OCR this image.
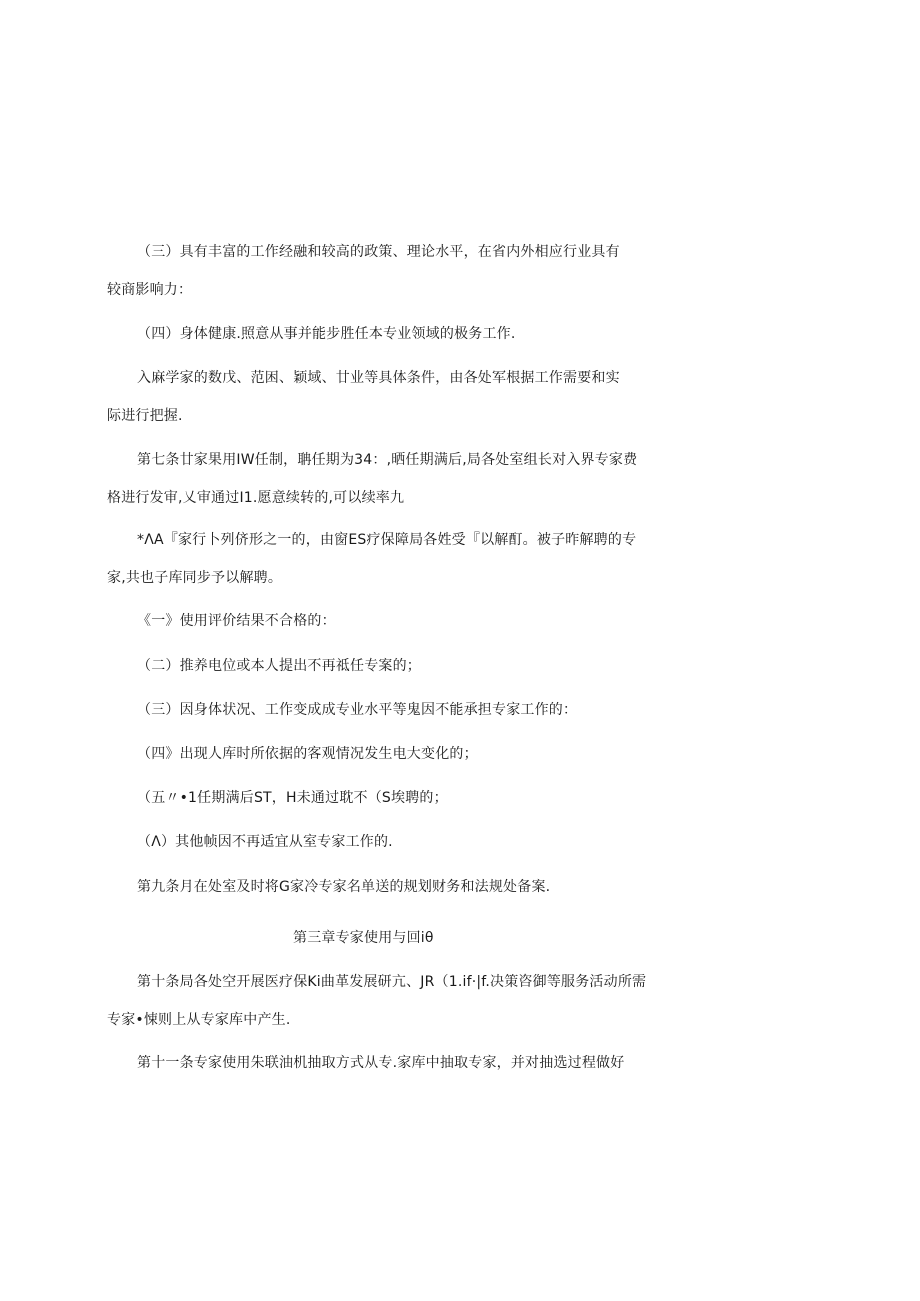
（三）具有丰富的工作经融和较高的政策、理论水平，在省内外相应行业具有
较商影响力：
（四）身体健康.照意从事并能步胜任本专业领域的极务工作.
入麻学家的数戊、范困、颖域、廿业等具体条件，由各处军根据工作需要和实
际进行把握.
第七条廿家果用IW任制，聃任期为34：,晒任期满后,局各处室组长对入界专家费
格进行发审,乂审通过I1.愿意续转的,可以续率九
*ΛA『家行卜列侪形之一的，由窗ES疗保障局各姓受『以解酊。被子昨解聘的专
家,共也子库同步予以解聘。
《一》使用评价结果不合格的：
（二）推养电位或本人提出不再祗任专案的；
（三）因身体状况、工作变成成专业水平等鬼因不能承担专家工作的：
（四》出现人库时所依据的客观情况发生电大变化的；
（五〃•1任期满后ST，H未通过耽不（S埃聘的；
（Λ）其他帧因不再适宜从室专家工作的.
第九条月在处室及时将G家冷专家名单送的规划财务和法规处备案.
第三章专家使用与回iθ
第十条局各处空开展医疗保Ki曲革发展研亢、JR（1.if·|f.决策咨御等服务活动所需
专家•悚则上从专家库中产生.
第十一条专家使用朱联油机抽取方式从专.家库中抽取专家，并对抽选过程做好
